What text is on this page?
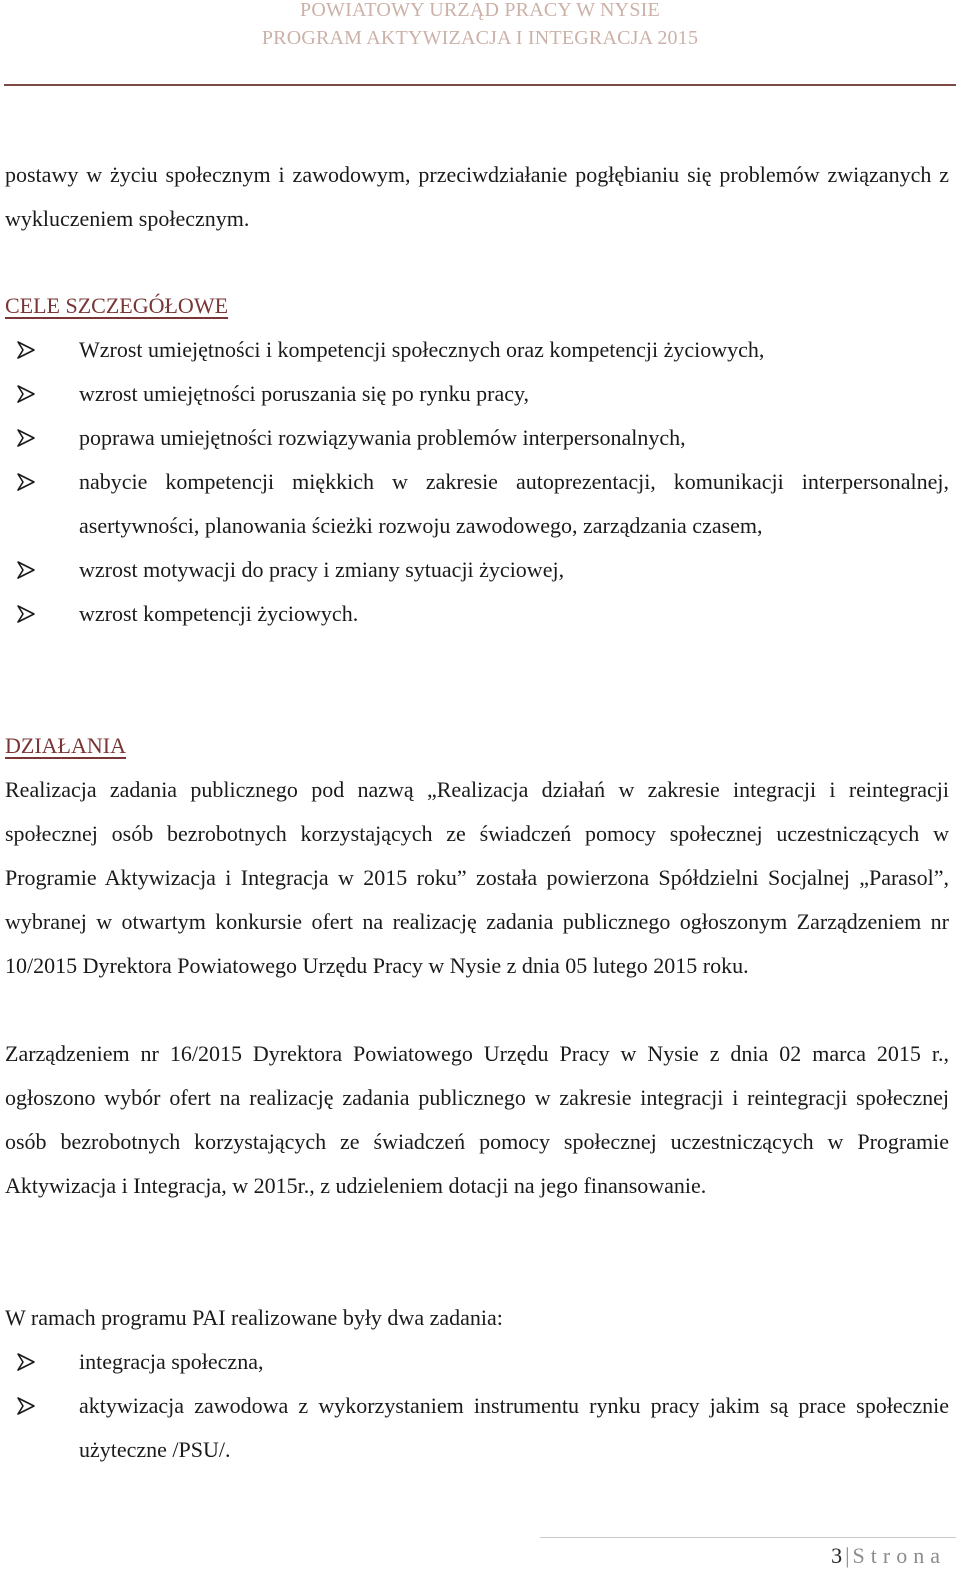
POWIATOWY URZĄD PRACY W NYSIE
PROGRAM AKTYWIZACJA I INTEGRACJA 2015
postawy w życiu społecznym i zawodowym, przeciwdziałanie pogłębianiu się problemów związanych z wykluczeniem społecznym.
CELE SZCZEGÓŁOWE
Wzrost umiejętności i kompetencji społecznych oraz kompetencji życiowych,
wzrost umiejętności poruszania się po rynku pracy,
poprawa umiejętności rozwiązywania problemów interpersonalnych,
nabycie kompetencji miękkich w zakresie autoprezentacji, komunikacji interpersonalnej, asertywności, planowania ścieżki rozwoju zawodowego, zarządzania czasem,
wzrost motywacji do pracy i zmiany sytuacji życiowej,
wzrost kompetencji życiowych.
DZIAŁANIA
Realizacja zadania publicznego pod nazwą „Realizacja działań w zakresie integracji i reintegracji społecznej osób bezrobotnych korzystających ze świadczeń pomocy społecznej uczestniczących w Programie Aktywizacja i Integracja w 2015 roku” została powierzona Spółdzielni Socjalnej „Parasol”, wybranej w otwartym konkursie ofert na realizację zadania publicznego ogłoszonym Zarządzeniem nr 10/2015 Dyrektora Powiatowego Urzędu Pracy w Nysie z dnia 05 lutego 2015 roku.
Zarządzeniem nr 16/2015 Dyrektora Powiatowego Urzędu Pracy w Nysie z dnia 02 marca 2015 r., ogłoszono wybór ofert na realizację zadania publicznego w zakresie integracji i reintegracji społecznej osób bezrobotnych korzystających ze świadczeń pomocy społecznej uczestniczących w Programie Aktywizacja i Integracja, w 2015r., z udzieleniem dotacji na jego finansowanie.
W ramach programu PAI realizowane były dwa zadania:
integracja społeczna,
aktywizacja zawodowa z wykorzystaniem instrumentu rynku pracy jakim są prace społecznie użyteczne /PSU/.
3 | Strona
